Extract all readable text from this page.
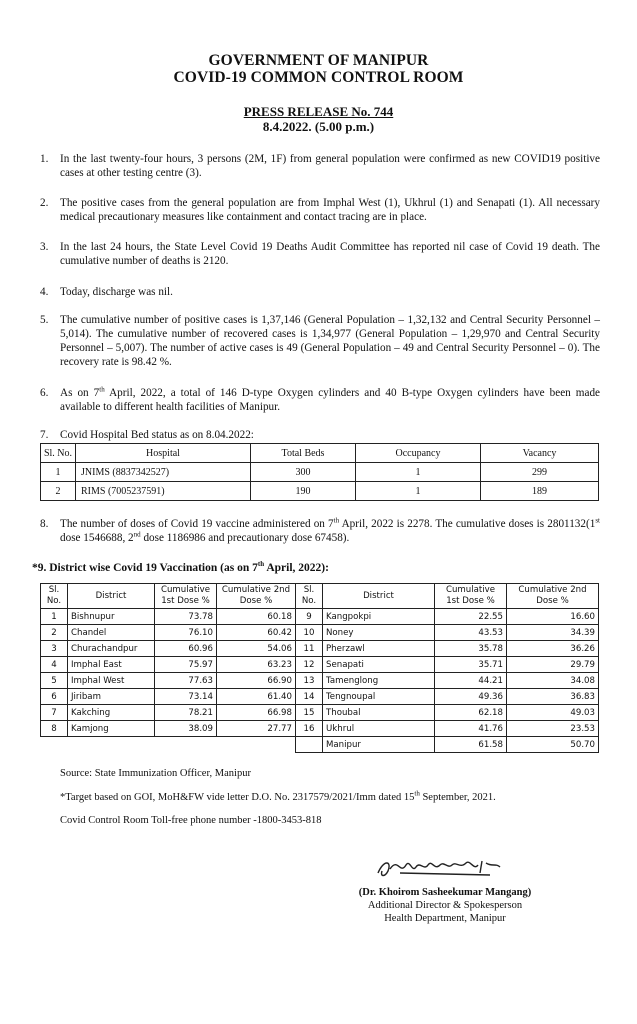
GOVERNMENT OF MANIPUR
COVID-19 COMMON CONTROL ROOM
PRESS RELEASE No. 744
8.4.2022. (5.00 p.m.)
1.	In the last twenty-four hours, 3 persons (2M, 1F) from general population were confirmed as new COVID19 positive cases at other testing centre (3).
2.	The positive cases from the general population are from Imphal West (1), Ukhrul (1) and Senapati (1). All necessary medical precautionary measures like containment and contact tracing are in place.
3.	In the last 24 hours, the State Level Covid 19 Deaths Audit Committee has reported nil case of Covid 19 death. The cumulative number of deaths is 2120.
4.	Today, discharge was nil.
5.	The cumulative number of positive cases is 1,37,146 (General Population – 1,32,132 and Central Security Personnel – 5,014). The cumulative number of recovered cases is 1,34,977 (General Population – 1,29,970 and Central Security Personnel – 5,007). The number of active cases is 49 (General Population – 49 and Central Security Personnel – 0). The recovery rate is 98.42 %.
6.	As on 7th April, 2022, a total of 146 D-type Oxygen cylinders and 40 B-type Oxygen cylinders have been made available to different health facilities of Manipur.
7.	Covid Hospital Bed status as on 8.04.2022:
Sl. No.	Hospital	Total Beds	Occupancy	Vacancy
1	JNIMS (8837342527)	300	1	299
2	RIMS (7005237591)	190	1	189
8.	The number of doses of Covid 19 vaccine administered on 7th April, 2022 is 2278. The cumulative doses is 2801132(1st dose 1546688, 2nd dose 1186986 and precautionary dose 67458).
*9. District wise Covid 19 Vaccination (as on 7th April, 2022):
Sl. No.	District	Cumulative 1st Dose %	Cumulative 2nd Dose %	Sl. No.	District	Cumulative 1st Dose %	Cumulative 2nd Dose %
1	Bishnupur	73.78	60.18	9	Kangpokpi	22.55	16.60
2	Chandel	76.10	60.42	10	Noney	43.53	34.39
3	Churachandpur	60.96	54.06	11	Pherzawl	35.78	36.26
4	Imphal East	75.97	63.23	12	Senapati	35.71	29.79
5	Imphal West	77.63	66.90	13	Tamenglong	44.21	34.08
6	Jiribam	73.14	61.40	14	Tengnoupal	49.36	36.83
7	Kakching	78.21	66.98	15	Thoubal	62.18	49.03
8	Kamjong	38.09	27.77	16	Ukhrul	41.76	23.53
					Manipur	61.58	50.70
Source: State Immunization Officer, Manipur
*Target based on GOI, MoH&FW vide letter D.O. No. 2317579/2021/Imm dated 15th September, 2021.
Covid Control Room Toll-free phone number -1800-3453-818
(Dr. Khoirom Sasheekumar Mangang)
Additional Director & Spokesperson
Health Department, Manipur
